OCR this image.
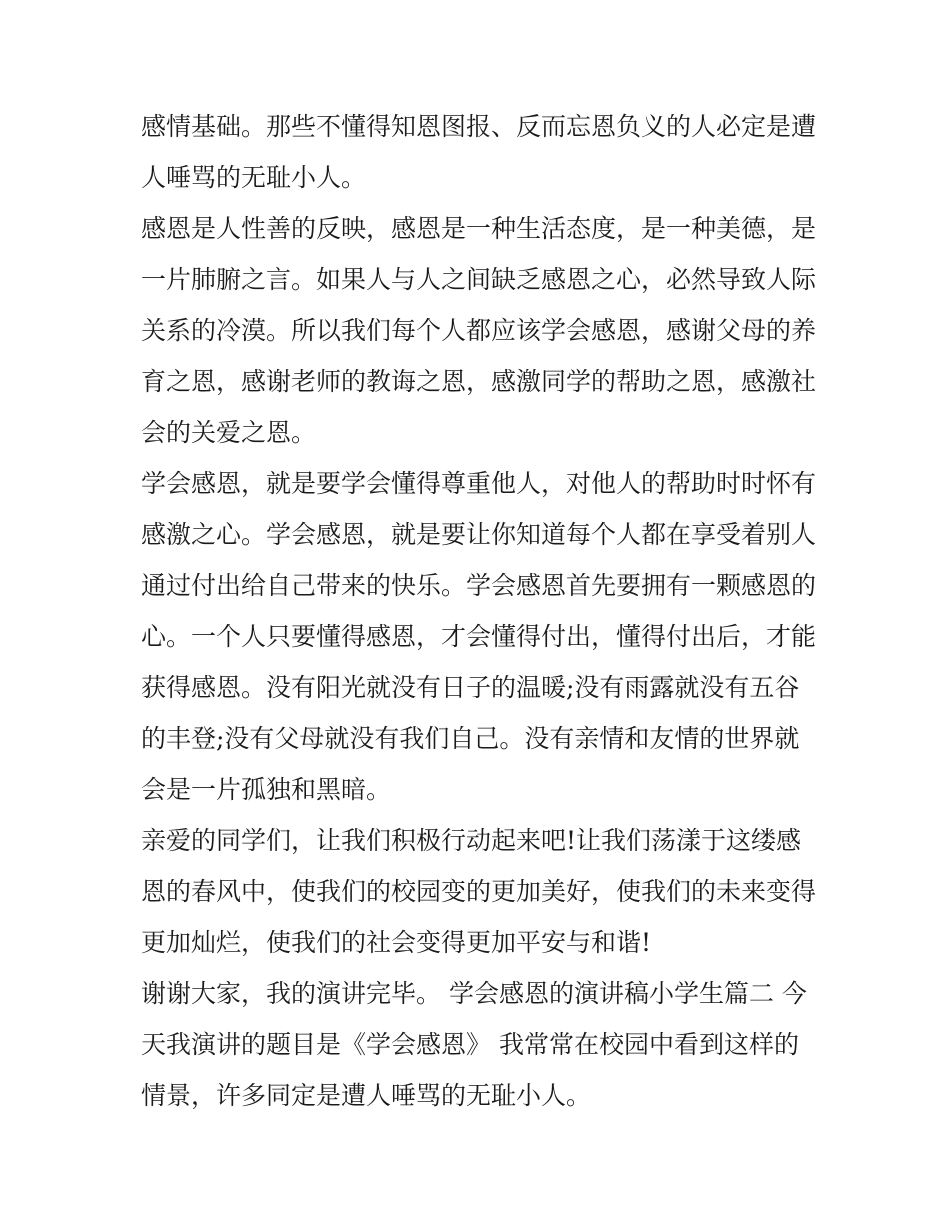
感情基础。那些不懂得知恩图报、反而忘恩负义的人必定是遭
人唾骂的无耻小人。
感恩是人性善的反映，感恩是一种生活态度，是一种美德，是
一片肺腑之言。如果人与人之间缺乏感恩之心，必然导致人际
关系的冷漠。所以我们每个人都应该学会感恩，感谢父母的养
育之恩，感谢老师的教诲之恩，感激同学的帮助之恩，感激社
会的关爱之恩。
学会感恩，就是要学会懂得尊重他人，对他人的帮助时时怀有
感激之心。学会感恩，就是要让你知道每个人都在享受着别人
通过付出给自己带来的快乐。学会感恩首先要拥有一颗感恩的
心。一个人只要懂得感恩，才会懂得付出，懂得付出后，才能
获得感恩。没有阳光就没有日子的温暖;没有雨露就没有五谷
的丰登;没有父母就没有我们自己。没有亲情和友情的世界就
会是一片孤独和黑暗。
亲爱的同学们，让我们积极行动起来吧!让我们荡漾于这缕感
恩的春风中，使我们的校园变的更加美好，使我们的未来变得
更加灿烂，使我们的社会变得更加平安与和谐!
谢谢大家，我的演讲完毕。 学会感恩的演讲稿小学生篇二 今
天我演讲的题目是《学会感恩》 我常常在校园中看到这样的
情景，许多同定是遭人唾骂的无耻小人。
